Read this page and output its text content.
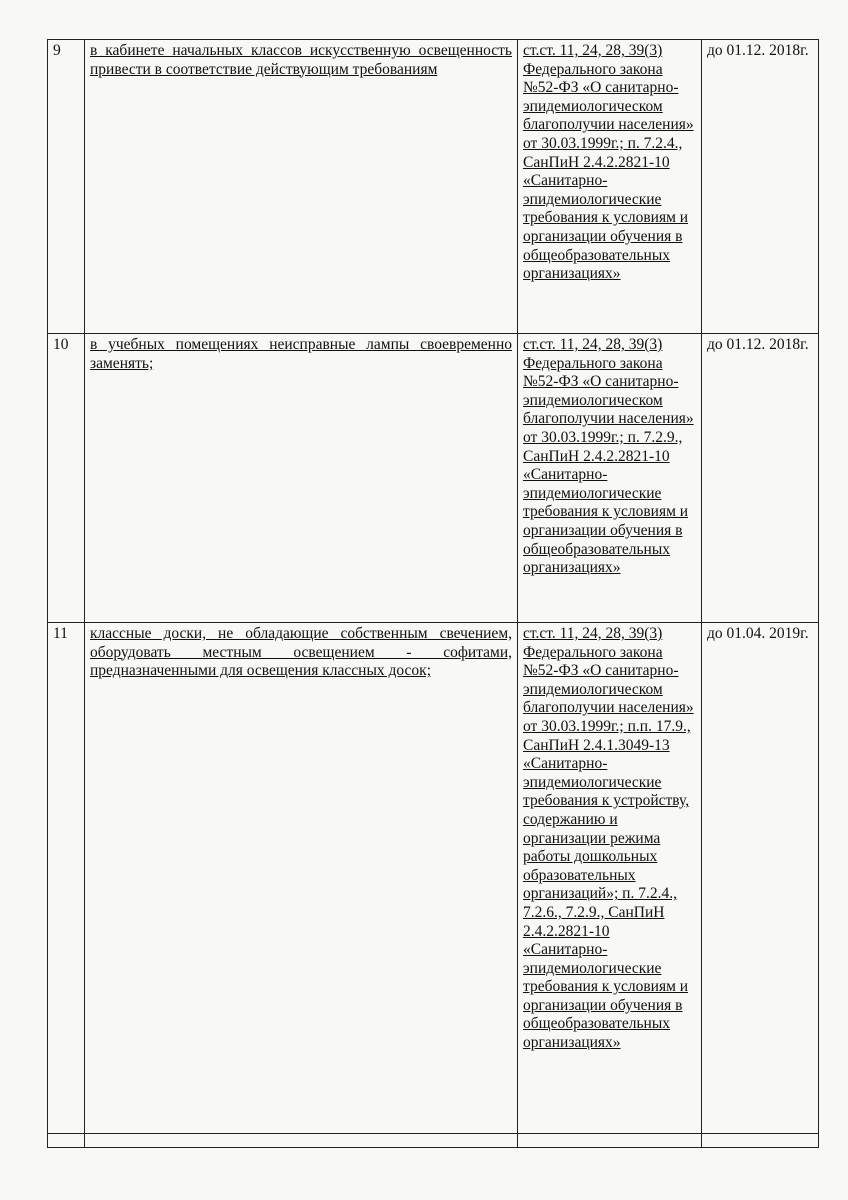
9	в кабинете начальных классов искусственную освещенность привести в соответствие действующим требованиям	ст.ст. 11, 24, 28, 39(3) Федерального закона №52-ФЗ «О санитарно-эпидемиологическом благополучии населения» от 30.03.1999г.; п. 7.2.4., СанПиН 2.4.2.2821-10 «Санитарно-эпидемиологические требования к условиям и организации обучения в общеобразовательных организациях»	до 01.12. 2018г.
10	в учебных помещениях неисправные лампы своевременно заменять;	ст.ст. 11, 24, 28, 39(3) Федерального закона №52-ФЗ «О санитарно-эпидемиологическом благополучии населения» от 30.03.1999г.; п. 7.2.9., СанПиН 2.4.2.2821-10 «Санитарно-эпидемиологические требования к условиям и организации обучения в общеобразовательных организациях»	до 01.12. 2018г.
11	классные доски, не обладающие собственным свечением, оборудовать местным освещением - софитами, предназначенными для освещения классных досок;	ст.ст. 11, 24, 28, 39(3) Федерального закона №52-ФЗ «О санитарно-эпидемиологическом благополучии населения» от 30.03.1999г.; п.п. 17.9., СанПиН 2.4.1.3049-13 «Санитарно-эпидемиологические требования к устройству, содержанию и организации режима работы дошкольных образовательных организаций»; п. 7.2.4., 7.2.6., 7.2.9., СанПиН 2.4.2.2821-10 «Санитарно-эпидемиологические требования к условиям и организации обучения в общеобразовательных организациях»	до 01.04. 2019г.
